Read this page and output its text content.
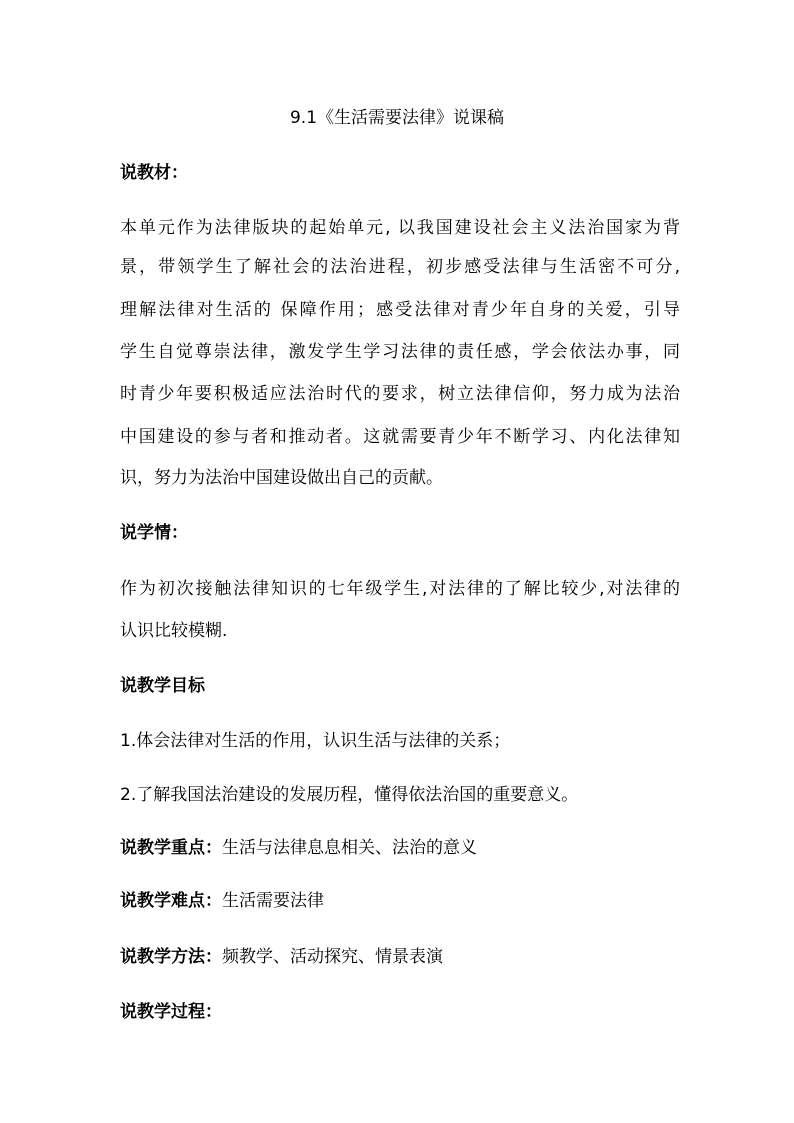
9.1《生活需要法律》说课稿
说教材：
本单元作为法律版块的起始单元, 以我国建设社会主义法治国家为背
景，带领学生了解社会的法治进程，初步感受法律与生活密不可分,
理解法律对生活的 保障作用；感受法律对青少年自身的关爱，引导
学生自觉尊崇法律，激发学生学习法律的责任感，学会依法办事，同
时青少年要积极适应法治时代的要求，树立法律信仰，努力成为法治
中国建设的参与者和推动者。这就需要青少年不断学习、内化法律知
识，努力为法治中国建设做出自己的贡献。
说学情：
作为初次接触法律知识的七年级学生,对法律的了解比较少,对法律的
认识比较模糊.
说教学目标
1.体会法律对生活的作用，认识生活与法律的关系；
2.了解我国法治建设的发展历程，懂得依法治国的重要意义。
说教学重点：生活与法律息息相关、法治的意义
说教学难点：生活需要法律
说教学方法：频教学、活动探究、情景表演
说教学过程：
